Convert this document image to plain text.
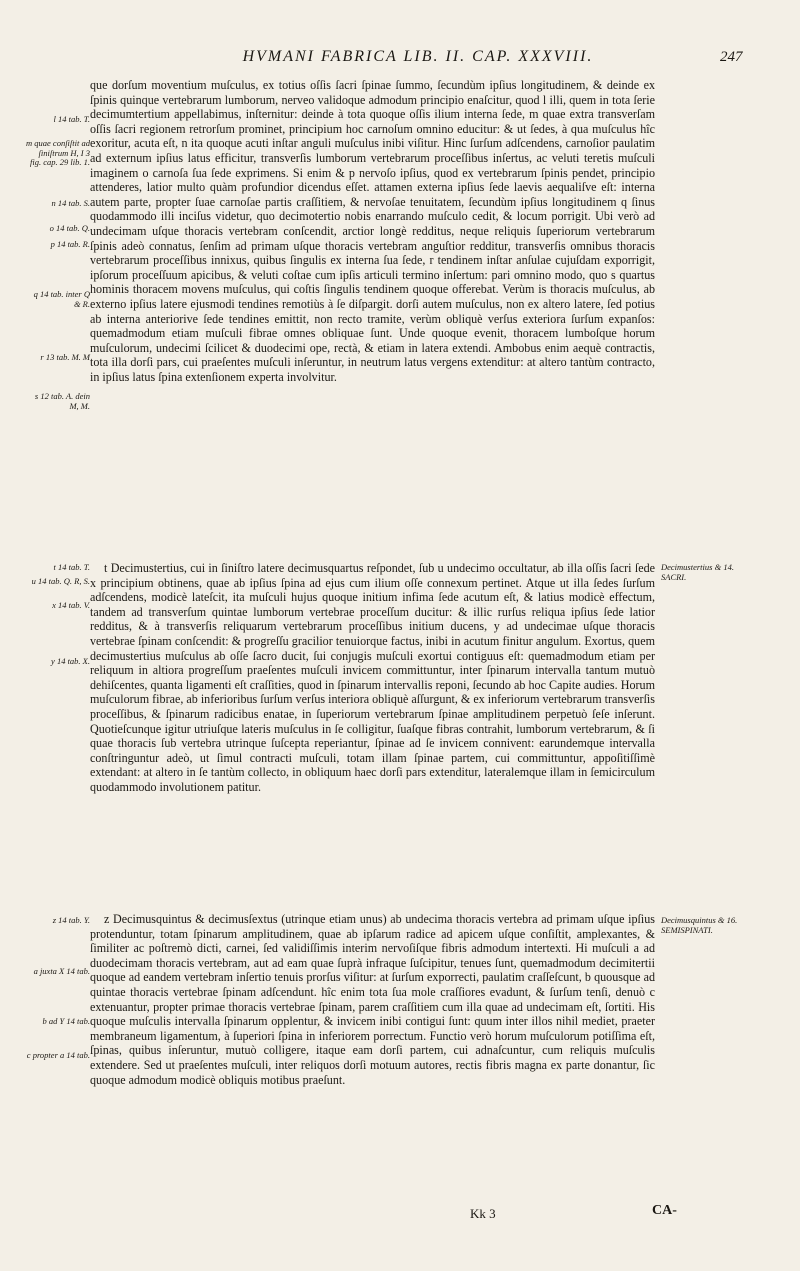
HVMANI FABRICA LIB. II. CAP. XXXVIII.	247

que dorſum moventium muſculus, ex totius oſſis ſacri ſpinae ſummo, ſecundùm ipſius longitudinem, & deinde ex ſpinis quinque vertebrarum lumborum, nerveo validoque admodum principio enaſcitur, quod l illi, quem in tota ſerie decimumtertium appellabimus, inſternitur: deinde à tota quoque oſſis ilium interna ſede, m quae extra transverſam oſſis ſacri regionem retrorſum prominet, principium hoc carnoſum omnino educitur: & ut ſedes, à qua muſculus hîc exoritur, acuta eſt, n ita quoque acuti inſtar anguli muſculus inibi viſitur. Hinc ſurſum adſcendens, carnoſior paulatim ad externum ipſius latus efficitur, transverſis lumborum vertebrarum proceſſibus inſertus, ac veluti teretis muſculi imaginem o carnoſa ſua ſede exprimens. Si enim & p nervoſo ipſius, quod ex vertebrarum ſpinis pendet, principio attenderes, latior multo quàm profundior dicendus eſſet. attamen externa ipſius ſede laevis aequaliſve eſt: interna autem parte, propter ſuae carnoſae partis craſſitiem, & nervoſae tenuitatem, ſecundùm ipſius longitudinem q ſinus quodammodo illi inciſus videtur, quo decimotertio nobis enarrando muſculo cedit, & locum porrigit. Ubi verò ad undecimam uſque thoracis vertebram conſcendit, arctior longè redditus, neque reliquis ſuperiorum vertebrarum ſpinis adeò connatus, ſenſim ad primam uſque thoracis vertebram anguſtior redditur, transverſis omnibus thoracis vertebrarum proceſſibus innixus, quibus ſingulis ex interna ſua ſede, r tendinem inſtar anſulae cujuſdam exporrigit, ipſorum proceſſuum apicibus, & veluti coſtae cum ipſis articuli termino inſertum: pari omnino modo, quo s quartus hominis thoracem movens muſculus, qui coſtis ſingulis tendinem quoque offerebat. Verùm is thoracis muſculus, ab externo ipſius latere ejusmodi tendines remotiùs à ſe diſpargit. dorſi autem muſculus, non ex altero latere, ſed potius ab interna anteriorive ſede tendines emittit, non recto tramite, verùm obliquè verſus exteriora ſurſum expanſos: quemadmodum etiam muſculi fibrae omnes obliquae ſunt. Unde quoque evenit, thoracem lumboſque horum muſculorum, undecimi ſcilicet & duodecimi ope, rectà, & etiam in latera extendi. Ambobus enim aequè contractis, tota illa dorſi pars, cui praeſentes muſculi inſeruntur, in neutrum latus vergens extenditur: at altero tantùm contracto, in ipſius latus ſpina extenſionem experta involvitur.

t Decimustertius, cui in ſiniſtro latere decimusquartus reſpondet, ſub u undecimo occultatur, ab illa oſſis ſacri ſede x principium obtinens, quae ab ipſius ſpina ad ejus cum ilium oſſe connexum pertinet. Atque ut illa ſedes ſurſum adſcendens, modicè lateſcit, ita muſculi hujus quoque initium infima ſede acutum eſt, & latius modicè effectum, tandem ad transverſum quintae lumborum vertebrae proceſſum ducitur: & illic rurſus reliqua ipſius ſede latior redditus, & à transverſis reliquarum vertebrarum proceſſibus initium ducens, y ad undecimae uſque thoracis vertebrae ſpinam conſcendit: & progreſſu gracilior tenuiorque factus, inibi in acutum finitur angulum. Exortus, quem decimustertius muſculus ab oſſe ſacro ducit, ſui conjugis muſculi exortui contiguus eſt: quemadmodum etiam per reliquum in altiora progreſſum praeſentes muſculi invicem committuntur, inter ſpinarum intervalla tantum mutuò dehiſcentes, quanta ligamenti eſt craſſities, quod in ſpinarum intervallis reponi, ſecundo ab hoc Capite audies. Horum muſculorum fibrae, ab inferioribus ſurſum verſus interiora obliquè aſſurgunt, & ex inferiorum vertebrarum transverſis proceſſibus, & ſpinarum radicibus enatae, in ſuperiorum vertebrarum ſpinae amplitudinem perpetuò ſeſe inſerunt. Quotieſcunque igitur utriuſque lateris muſculus in ſe colligitur, ſuaſque fibras contrahit, lumborum vertebrarum, & ſi quae thoracis ſub vertebra utrinque ſuſcepta reperiantur, ſpinae ad ſe invicem connivent: earundemque intervalla conſtringuntur adeò, ut ſimul contracti muſculi, totam illam ſpinae partem, cui committuntur, appoſitiſſimè extendant: at altero in ſe tantùm collecto, in obliquum haec dorſi pars extenditur, lateralemque illam in ſemicirculum quodammodo involutionem patitur.

z Decimusquintus & decimusſextus (utrinque etiam unus) ab undecima thoracis vertebra ad primam uſque ipſius protenduntur, totam ſpinarum amplitudinem, quae ab ipſarum radice ad apicem uſque conſiſtit, amplexantes, & ſimiliter ac poſtremò dicti, carnei, ſed validiſſimis interim nervoſiſque fibris admodum intertexti. Hi muſculi a ad duodecimam thoracis vertebram, aut ad eam quae ſuprà infraque ſuſcipitur, tenues ſunt, quemadmodum decimitertii quoque ad eandem vertebram inſertio tenuis prorſus viſitur: at ſurſum exporrecti, paulatim craſſeſcunt, b quousque ad quintae thoracis vertebrae ſpinam adſcendunt. hîc enim tota ſua mole craſſiores evadunt, & ſurſum tenſi, denuò c extenuantur, propter primae thoracis vertebrae ſpinam, parem craſſitiem cum illa quae ad undecimam eſt, ſortiti. His quoque muſculis intervalla ſpinarum opplentur, & invicem inibi contigui ſunt: quum inter illos nihil mediet, praeter membraneum ligamentum, à ſuperiori ſpina in inferiorem porrectum. Functio verò horum muſculorum potiſſima eſt, ſpinas, quibus inſeruntur, mutuò colligere, itaque eam dorſi partem, cui adnaſcuntur, cum reliquis muſculis extendere. Sed ut praeſentes muſculi, inter reliquos dorſi motuum autores, rectis fibris magna ex parte donantur, ſic quoque admodum modicè obliquis motibus praeſunt.

l 14 tab. T.
m quae conſiſtit ad ſiniſtrum H, I 3 fig. cap. 29 lib. 1.
n 14 tab. S.
o 14 tab. Q.
p 14 tab. R.
q 14 tab. inter Q & R.
r 13 tab. M. M
s 12 tab. A. dein M, M.
t 14 tab. T.
u 14 tab. Q. R, S.
x 14 tab. V.
y 14 tab. X.
z 14 tab. Y.
a juxta X 14 tab.
b ad Y 14 tab.
c propter a 14 tab.
Decimustertius & 14. SACRI.
Decimusquintus & 16. SEMISPINATI.
Kk 3	CA-
